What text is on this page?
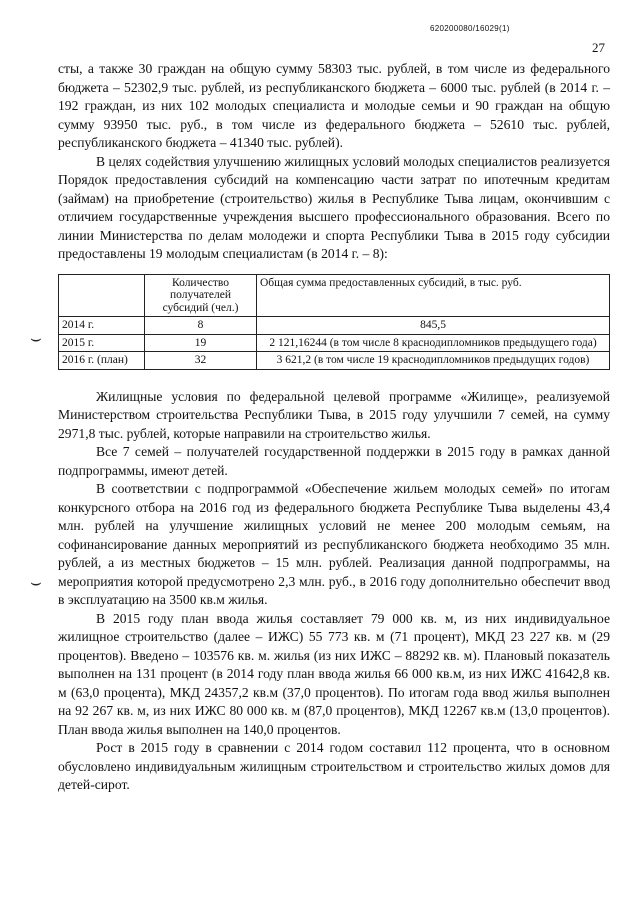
620200080/16029(1)
27
⌣
⌣

сты, а также 30 граждан на общую сумму 58303 тыс. рублей, в том числе из федерального бюджета – 52302,9 тыс. рублей, из республиканского бюджета – 6000 тыс. рублей (в 2014 г. – 192 граждан, из них 102 молодых специалиста и молодые семьи и 90 граждан на общую сумму 93950 тыс. руб., в том числе из федерального бюджета – 52610 тыс. рублей, республиканского бюджета – 41340 тыс. рублей).

В целях содействия улучшению жилищных условий молодых специалистов реализуется Порядок предоставления субсидий на компенсацию части затрат по ипотечным кредитам (займам) на приобретение (строительство) жилья в Республике Тыва лицам, окончившим с отличием государственные учреждения высшего профессионального образования. Всего по линии Министерства по делам молодежи и спорта Республики Тыва в 2015 году субсидии предоставлены 19 молодым специалистам (в 2014 г. – 8):

	Количество получателей субсидий (чел.)	Общая сумма предоставленных субсидий, в тыс. руб.
2014 г.	8	845,5
2015 г.	19	2 121,16244 (в том числе 8 краснодипломников предыдущего года)
2016 г. (план)	32	3 621,2 (в том числе 19 краснодипломников предыдущих годов)

Жилищные условия по федеральной целевой программе «Жилище», реализуемой Министерством строительства Республики Тыва, в 2015 году улучшили 7 семей, на сумму 2971,8 тыс. рублей, которые направили на строительство жилья.

Все 7 семей – получателей государственной поддержки в 2015 году в рамках данной подпрограммы, имеют детей.

В соответствии с подпрограммой «Обеспечение жильем молодых семей» по итогам конкурсного отбора на 2016 год из федерального бюджета Республике Тыва выделены 43,4 млн. рублей на улучшение жилищных условий не менее 200 молодым семьям, на софинансирование данных мероприятий из республиканского бюджета необходимо 35 млн. рублей, а из местных бюджетов – 15 млн. рублей. Реализация данной подпрограммы, на мероприятия которой предусмотрено 2,3 млн. руб., в 2016 году дополнительно обеспечит ввод в эксплуатацию на 3500 кв.м жилья.

В 2015 году план ввода жилья составляет 79 000 кв. м, из них индивидуальное жилищное строительство (далее – ИЖС) 55 773 кв. м (71 процент), МКД 23 227 кв. м (29 процентов). Введено – 103576 кв. м. жилья (из них ИЖС – 88292 кв. м). Плановый показатель выполнен на 131 процент (в 2014 году план ввода жилья 66 000 кв.м, из них ИЖС 41642,8 кв. м (63,0 процента), МКД 24357,2 кв.м (37,0 процентов). По итогам года ввод жилья выполнен на 92 267 кв. м, из них ИЖС 80 000 кв. м (87,0 процентов), МКД 12267 кв.м (13,0 процентов). План ввода жилья выполнен на 140,0 процентов.

Рост в 2015 году в сравнении с 2014 годом составил 112 процента, что в основном обусловлено индивидуальным жилищным строительством и строительство жилых домов для детей-сирот.
